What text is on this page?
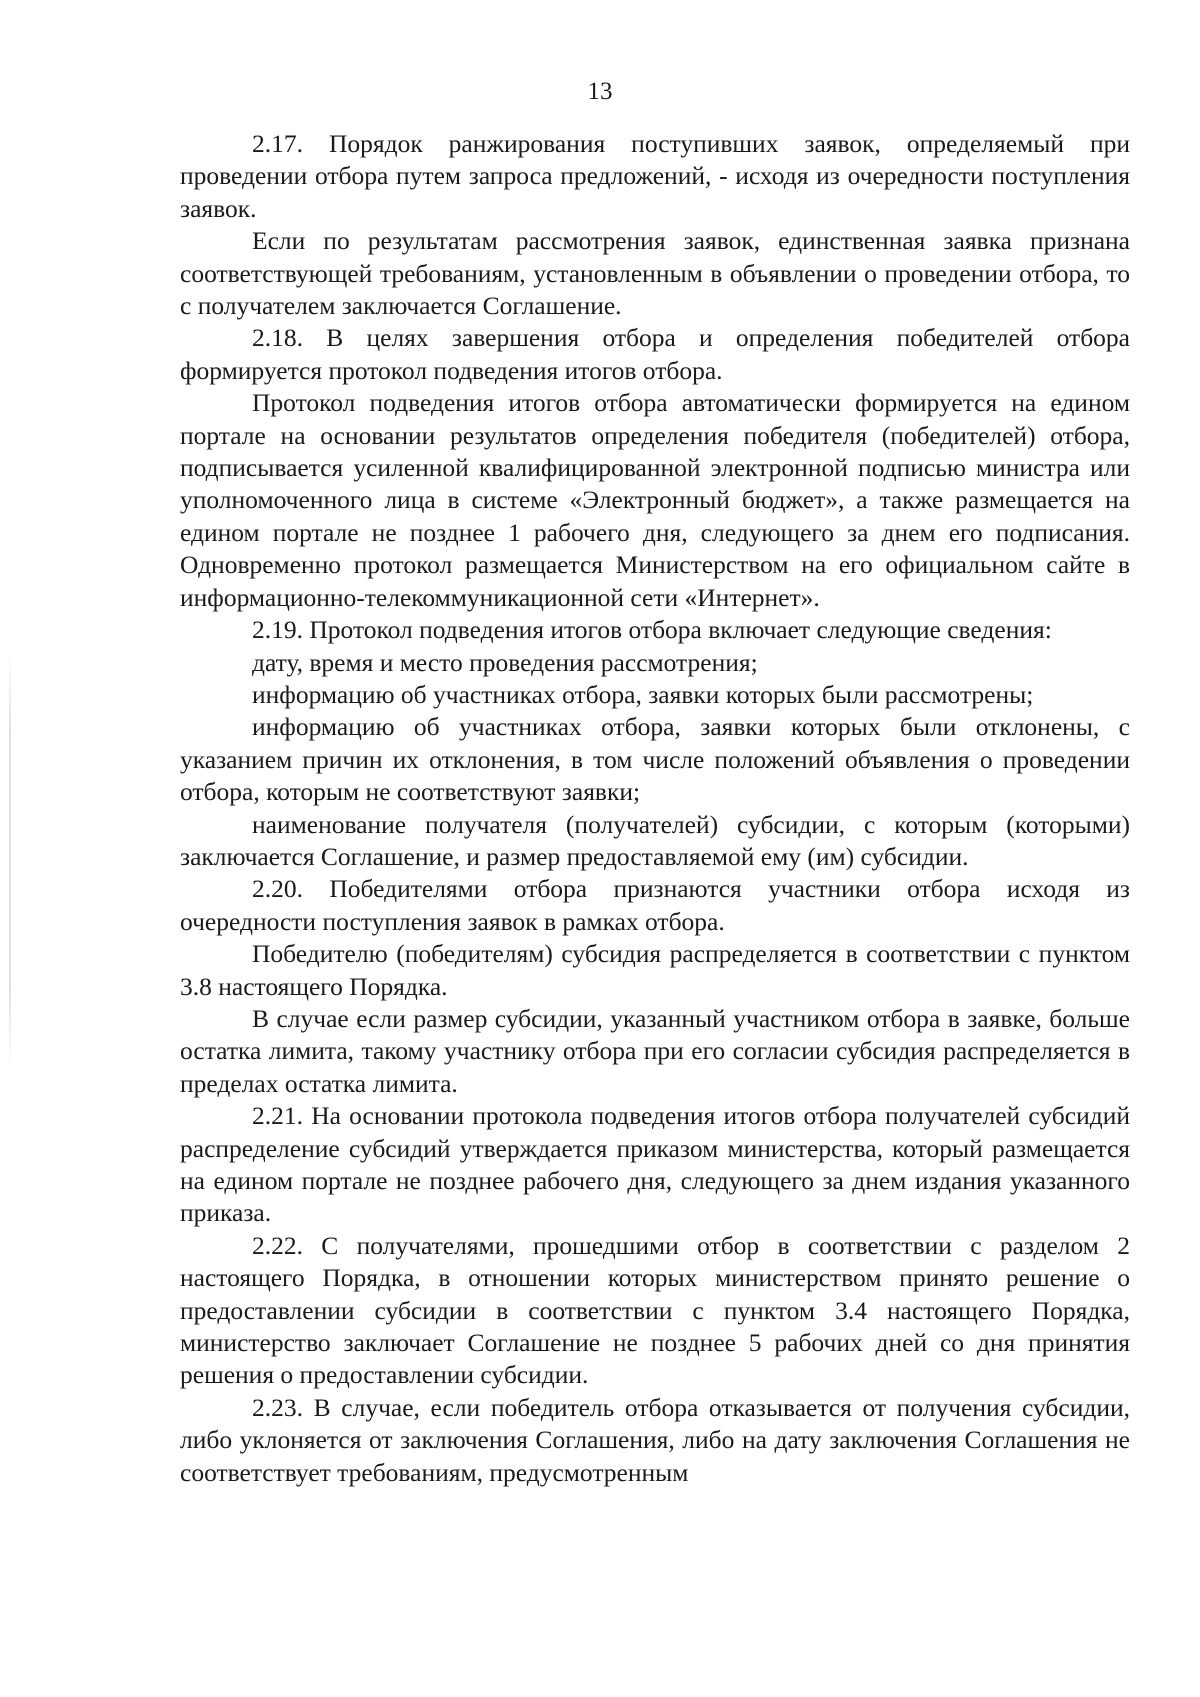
13

2.17. Порядок ранжирования поступивших заявок, определяемый при проведении отбора путем запроса предложений, - исходя из очередности поступления заявок.

Если по результатам рассмотрения заявок, единственная заявка признана соответствующей требованиям, установленным в объявлении о проведении отбора, то с получателем заключается Соглашение.

2.18. В целях завершения отбора и определения победителей отбора формируется протокол подведения итогов отбора.

Протокол подведения итогов отбора автоматически формируется на едином портале на основании результатов определения победителя (победителей) отбора, подписывается усиленной квалифицированной электронной подписью министра или уполномоченного лица в системе «Электронный бюджет», а также размещается на едином портале не позднее 1 рабочего дня, следующего за днем его подписания. Одновременно протокол размещается Министерством на его официальном сайте в информационно-телекоммуникационной сети «Интернет».

2.19. Протокол подведения итогов отбора включает следующие сведения:

дату, время и место проведения рассмотрения;

информацию об участниках отбора, заявки которых были рассмотрены;

информацию об участниках отбора, заявки которых были отклонены, с указанием причин их отклонения, в том числе положений объявления о проведении отбора, которым не соответствуют заявки;

наименование получателя (получателей) субсидии, с которым (которыми) заключается Соглашение, и размер предоставляемой ему (им) субсидии.

2.20. Победителями отбора признаются участники отбора исходя из очередности поступления заявок в рамках отбора.

Победителю (победителям) субсидия распределяется в соответствии с пунктом 3.8 настоящего Порядка.

В случае если размер субсидии, указанный участником отбора в заявке, больше остатка лимита, такому участнику отбора при его согласии субсидия распределяется в пределах остатка лимита.

2.21. На основании протокола подведения итогов отбора получателей субсидий распределение субсидий утверждается приказом министерства, который размещается на едином портале не позднее рабочего дня, следующего за днем издания указанного приказа.

2.22. С получателями, прошедшими отбор в соответствии с разделом 2 настоящего Порядка, в отношении которых министерством принято решение о предоставлении субсидии в соответствии с пунктом 3.4 настоящего Порядка, министерство заключает Соглашение не позднее 5 рабочих дней со дня принятия решения о предоставлении субсидии.

2.23. В случае, если победитель отбора отказывается от получения субсидии, либо уклоняется от заключения Соглашения, либо на дату заключения Соглашения не соответствует требованиям, предусмотренным
